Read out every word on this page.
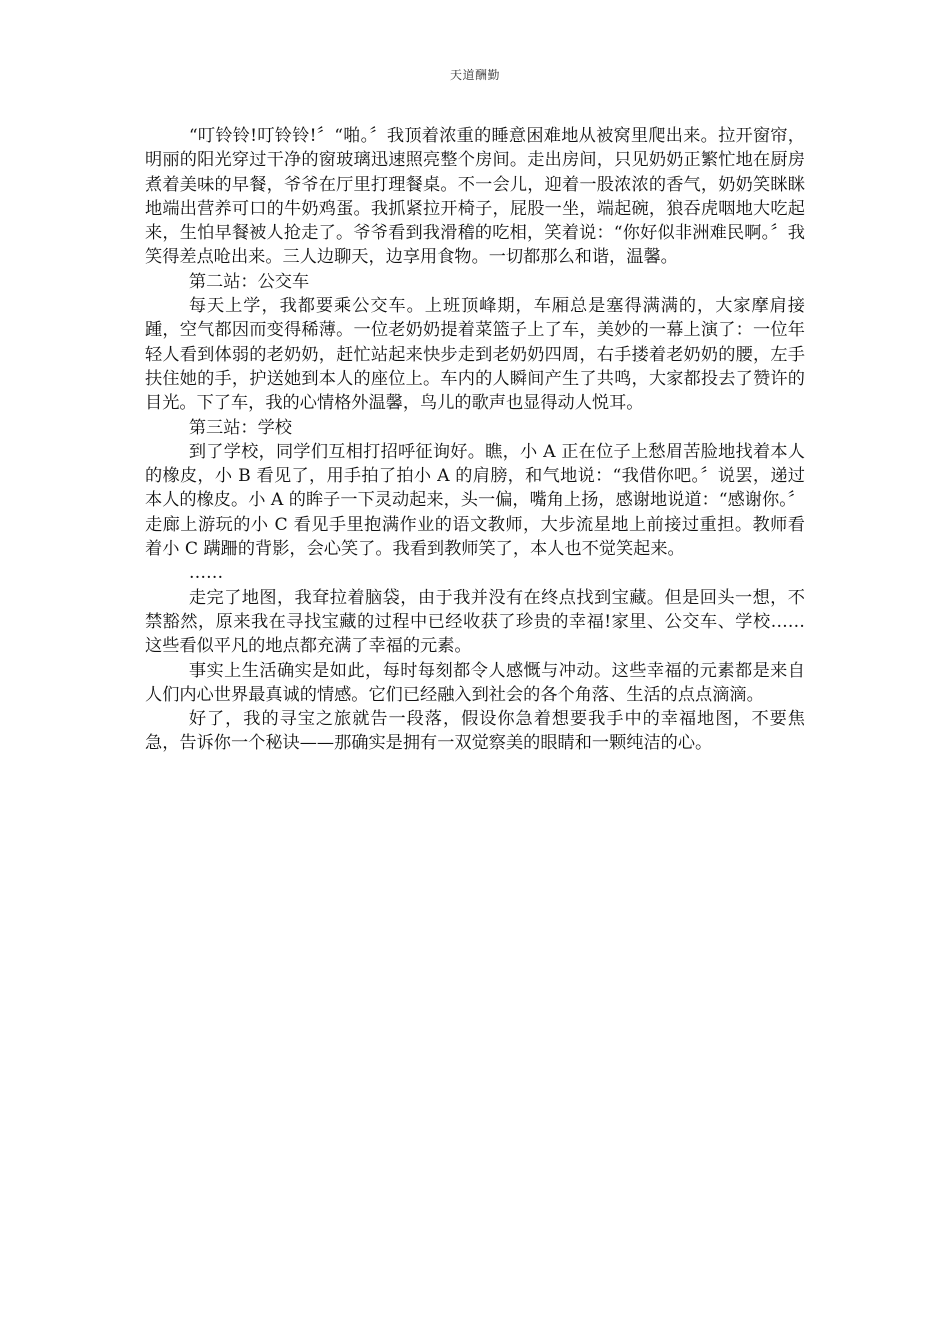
天道酬勤

“叮铃铃!叮铃铃!〞“啪。〞我顶着浓重的睡意困难地从被窝里爬出来。拉开窗帘，明丽的阳光穿过干净的窗玻璃迅速照亮整个房间。走出房间，只见奶奶正繁忙地在厨房煮着美味的早餐，爷爷在厅里打理餐桌。不一会儿，迎着一股浓浓的香气，奶奶笑眯眯地端出营养可口的牛奶鸡蛋。我抓紧拉开椅子，屁股一坐，端起碗，狼吞虎咽地大吃起来，生怕早餐被人抢走了。爷爷看到我滑稽的吃相，笑着说：“你好似非洲难民啊。〞我笑得差点呛出来。三人边聊天，边享用食物。一切都那么和谐，温馨。

第二站：公交车

每天上学，我都要乘公交车。上班顶峰期，车厢总是塞得满满的，大家摩肩接踵，空气都因而变得稀薄。一位老奶奶提着菜篮子上了车，美妙的一幕上演了：一位年轻人看到体弱的老奶奶，赶忙站起来快步走到老奶奶四周，右手搂着老奶奶的腰，左手扶住她的手，护送她到本人的座位上。车内的人瞬间产生了共鸣，大家都投去了赞许的目光。下了车，我的心情格外温馨，鸟儿的歌声也显得动人悦耳。

第三站：学校

到了学校，同学们互相打招呼征询好。瞧，小 A 正在位子上愁眉苦脸地找着本人的橡皮，小 B 看见了，用手拍了拍小 A 的肩膀，和气地说：“我借你吧。〞说罢，递过本人的橡皮。小 A 的眸子一下灵动起来，头一偏，嘴角上扬，感谢地说道：“感谢你。〞走廊上游玩的小 C 看见手里抱满作业的语文教师，大步流星地上前接过重担。教师看着小 C 蹒跚的背影，会心笑了。我看到教师笑了，本人也不觉笑起来。

……

走完了地图，我耷拉着脑袋，由于我并没有在终点找到宝藏。但是回头一想，不禁豁然，原来我在寻找宝藏的过程中已经收获了珍贵的幸福!家里、公交车、学校……这些看似平凡的地点都充满了幸福的元素。

事实上生活确实是如此，每时每刻都令人感慨与冲动。这些幸福的元素都是来自人们内心世界最真诚的情感。它们已经融入到社会的各个角落、生活的点点滴滴。

好了，我的寻宝之旅就告一段落，假设你急着想要我手中的幸福地图，不要焦急，告诉你一个秘诀——那确实是拥有一双觉察美的眼睛和一颗纯洁的心。
